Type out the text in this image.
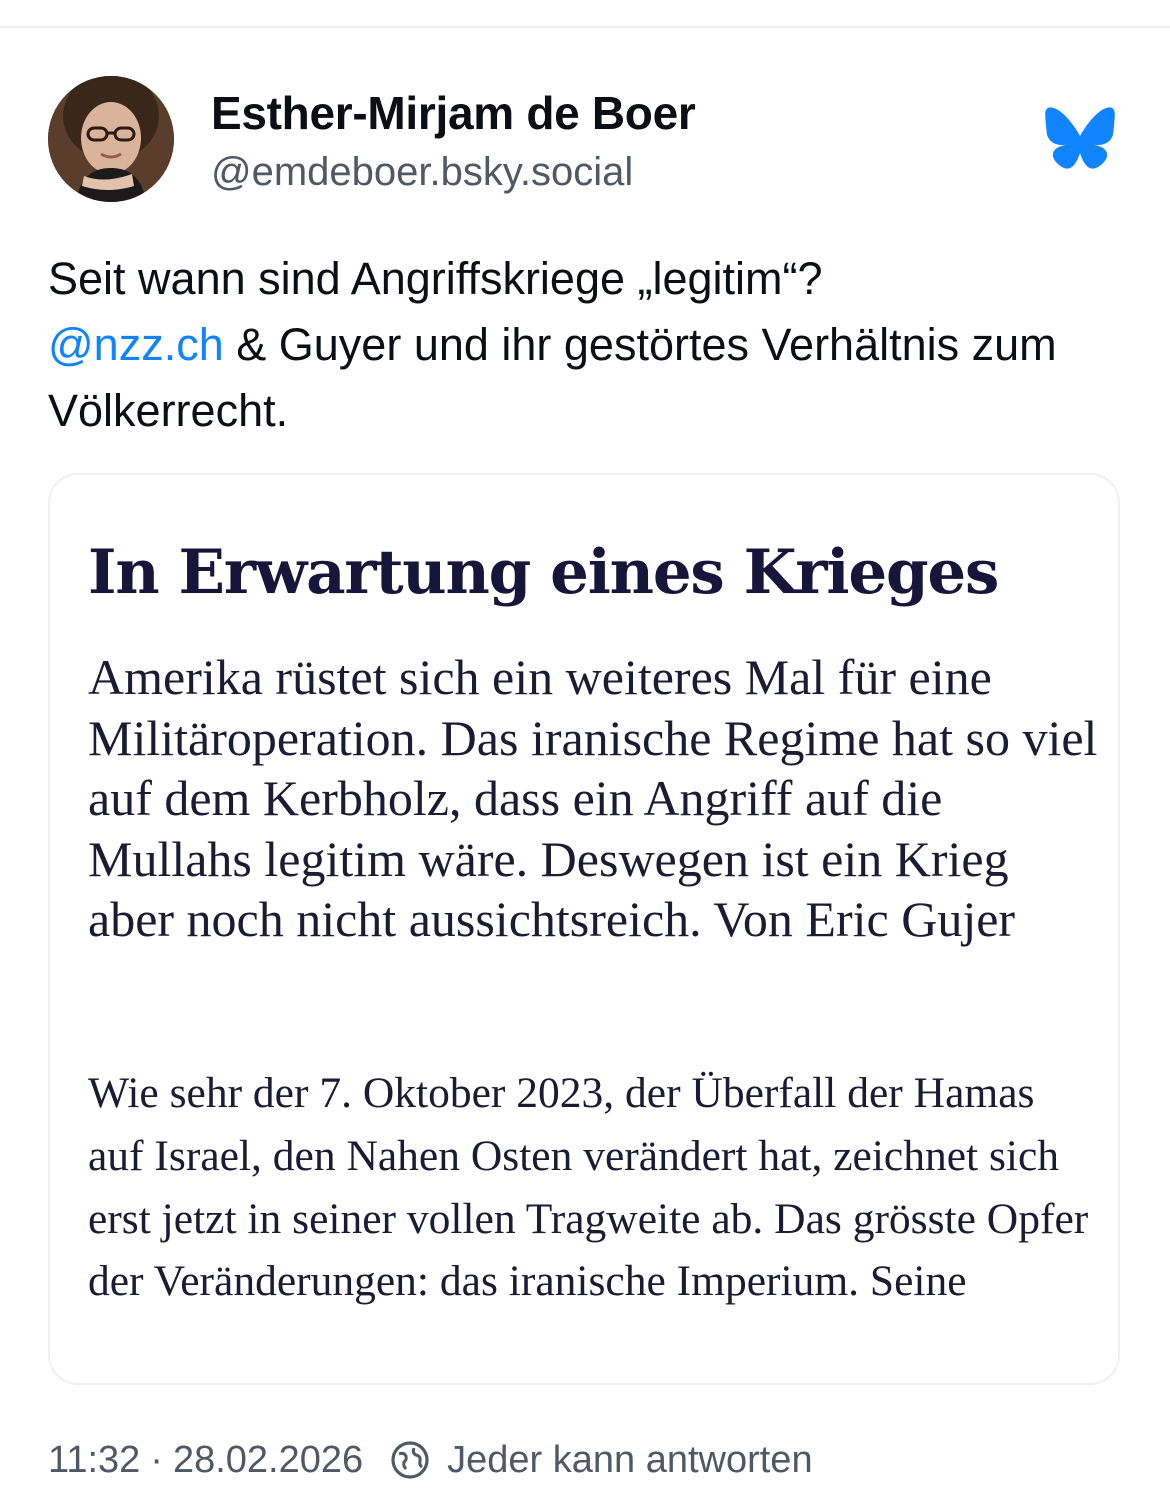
Esther-Mirjam de Boer
@emdeboer.bsky.social
Seit wann sind Angriffskriege „legitim“?
@nzz.ch & Guyer und ihr gestörtes Verhältnis zum Völkerrecht.
In Erwartung eines Krieges
Amerika rüstet sich ein weiteres Mal für eine Militäroperation. Das iranische Regime hat so viel auf dem Kerbholz, dass ein Angriff auf die Mullahs legitim wäre. Deswegen ist ein Krieg aber noch nicht aussichtsreich. Von Eric Gujer
Wie sehr der 7. Oktober 2023, der Überfall der Hamas auf Israel, den Nahen Osten verändert hat, zeichnet sich erst jetzt in seiner vollen Tragweite ab. Das grösste Opfer der Veränderungen: das iranische Imperium. Seine
11:32 · 28.02.2026 Jeder kann antworten
